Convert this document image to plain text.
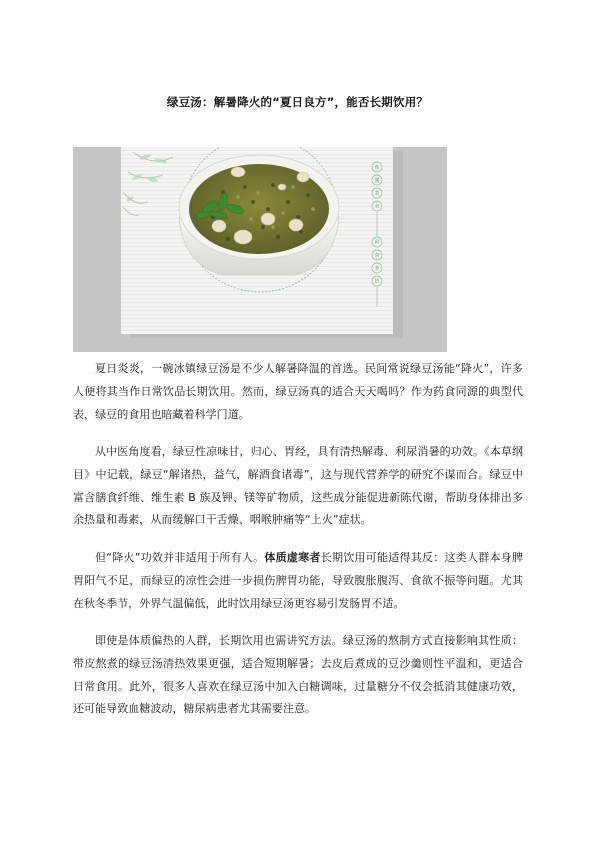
绿豆汤：解暑降火的“夏日良方”，能否长期饮用？
盐
湖
煮
食
阿
余
多
热

夏日炎炎，一碗冰镇绿豆汤是不少人解暑降温的首选。民间常说绿豆汤能“降火”，许多人便将其当作日常饮品长期饮用。然而，绿豆汤真的适合天天喝吗？作为药食同源的典型代表，绿豆的食用也暗藏着科学门道。

从中医角度看，绿豆性凉味甘，归心、胃经，具有清热解毒、利尿消暑的功效。《本草纲目》中记载，绿豆“解诸热，益气，解酒食诸毒”，这与现代营养学的研究不谋而合。绿豆中富含膳食纤维、维生素 B 族及钾、镁等矿物质，这些成分能促进新陈代谢，帮助身体排出多余热量和毒素，从而缓解口干舌燥、咽喉肿痛等“上火”症状。

但“降火”功效并非适用于所有人。体质虚寒者长期饮用可能适得其反：这类人群本身脾胃阳气不足，而绿豆的凉性会进一步损伤脾胃功能，导致腹胀腹泻、食欲不振等问题。尤其在秋冬季节，外界气温偏低，此时饮用绿豆汤更容易引发肠胃不适。

即使是体质偏热的人群，长期饮用也需讲究方法。绿豆汤的熬制方式直接影响其性质：带皮熬煮的绿豆汤清热效果更强，适合短期解暑；去皮后煮成的豆沙羹则性平温和，更适合日常食用。此外，很多人喜欢在绿豆汤中加入白糖调味，过量糖分不仅会抵消其健康功效，还可能导致血糖波动，糖尿病患者尤其需要注意。
